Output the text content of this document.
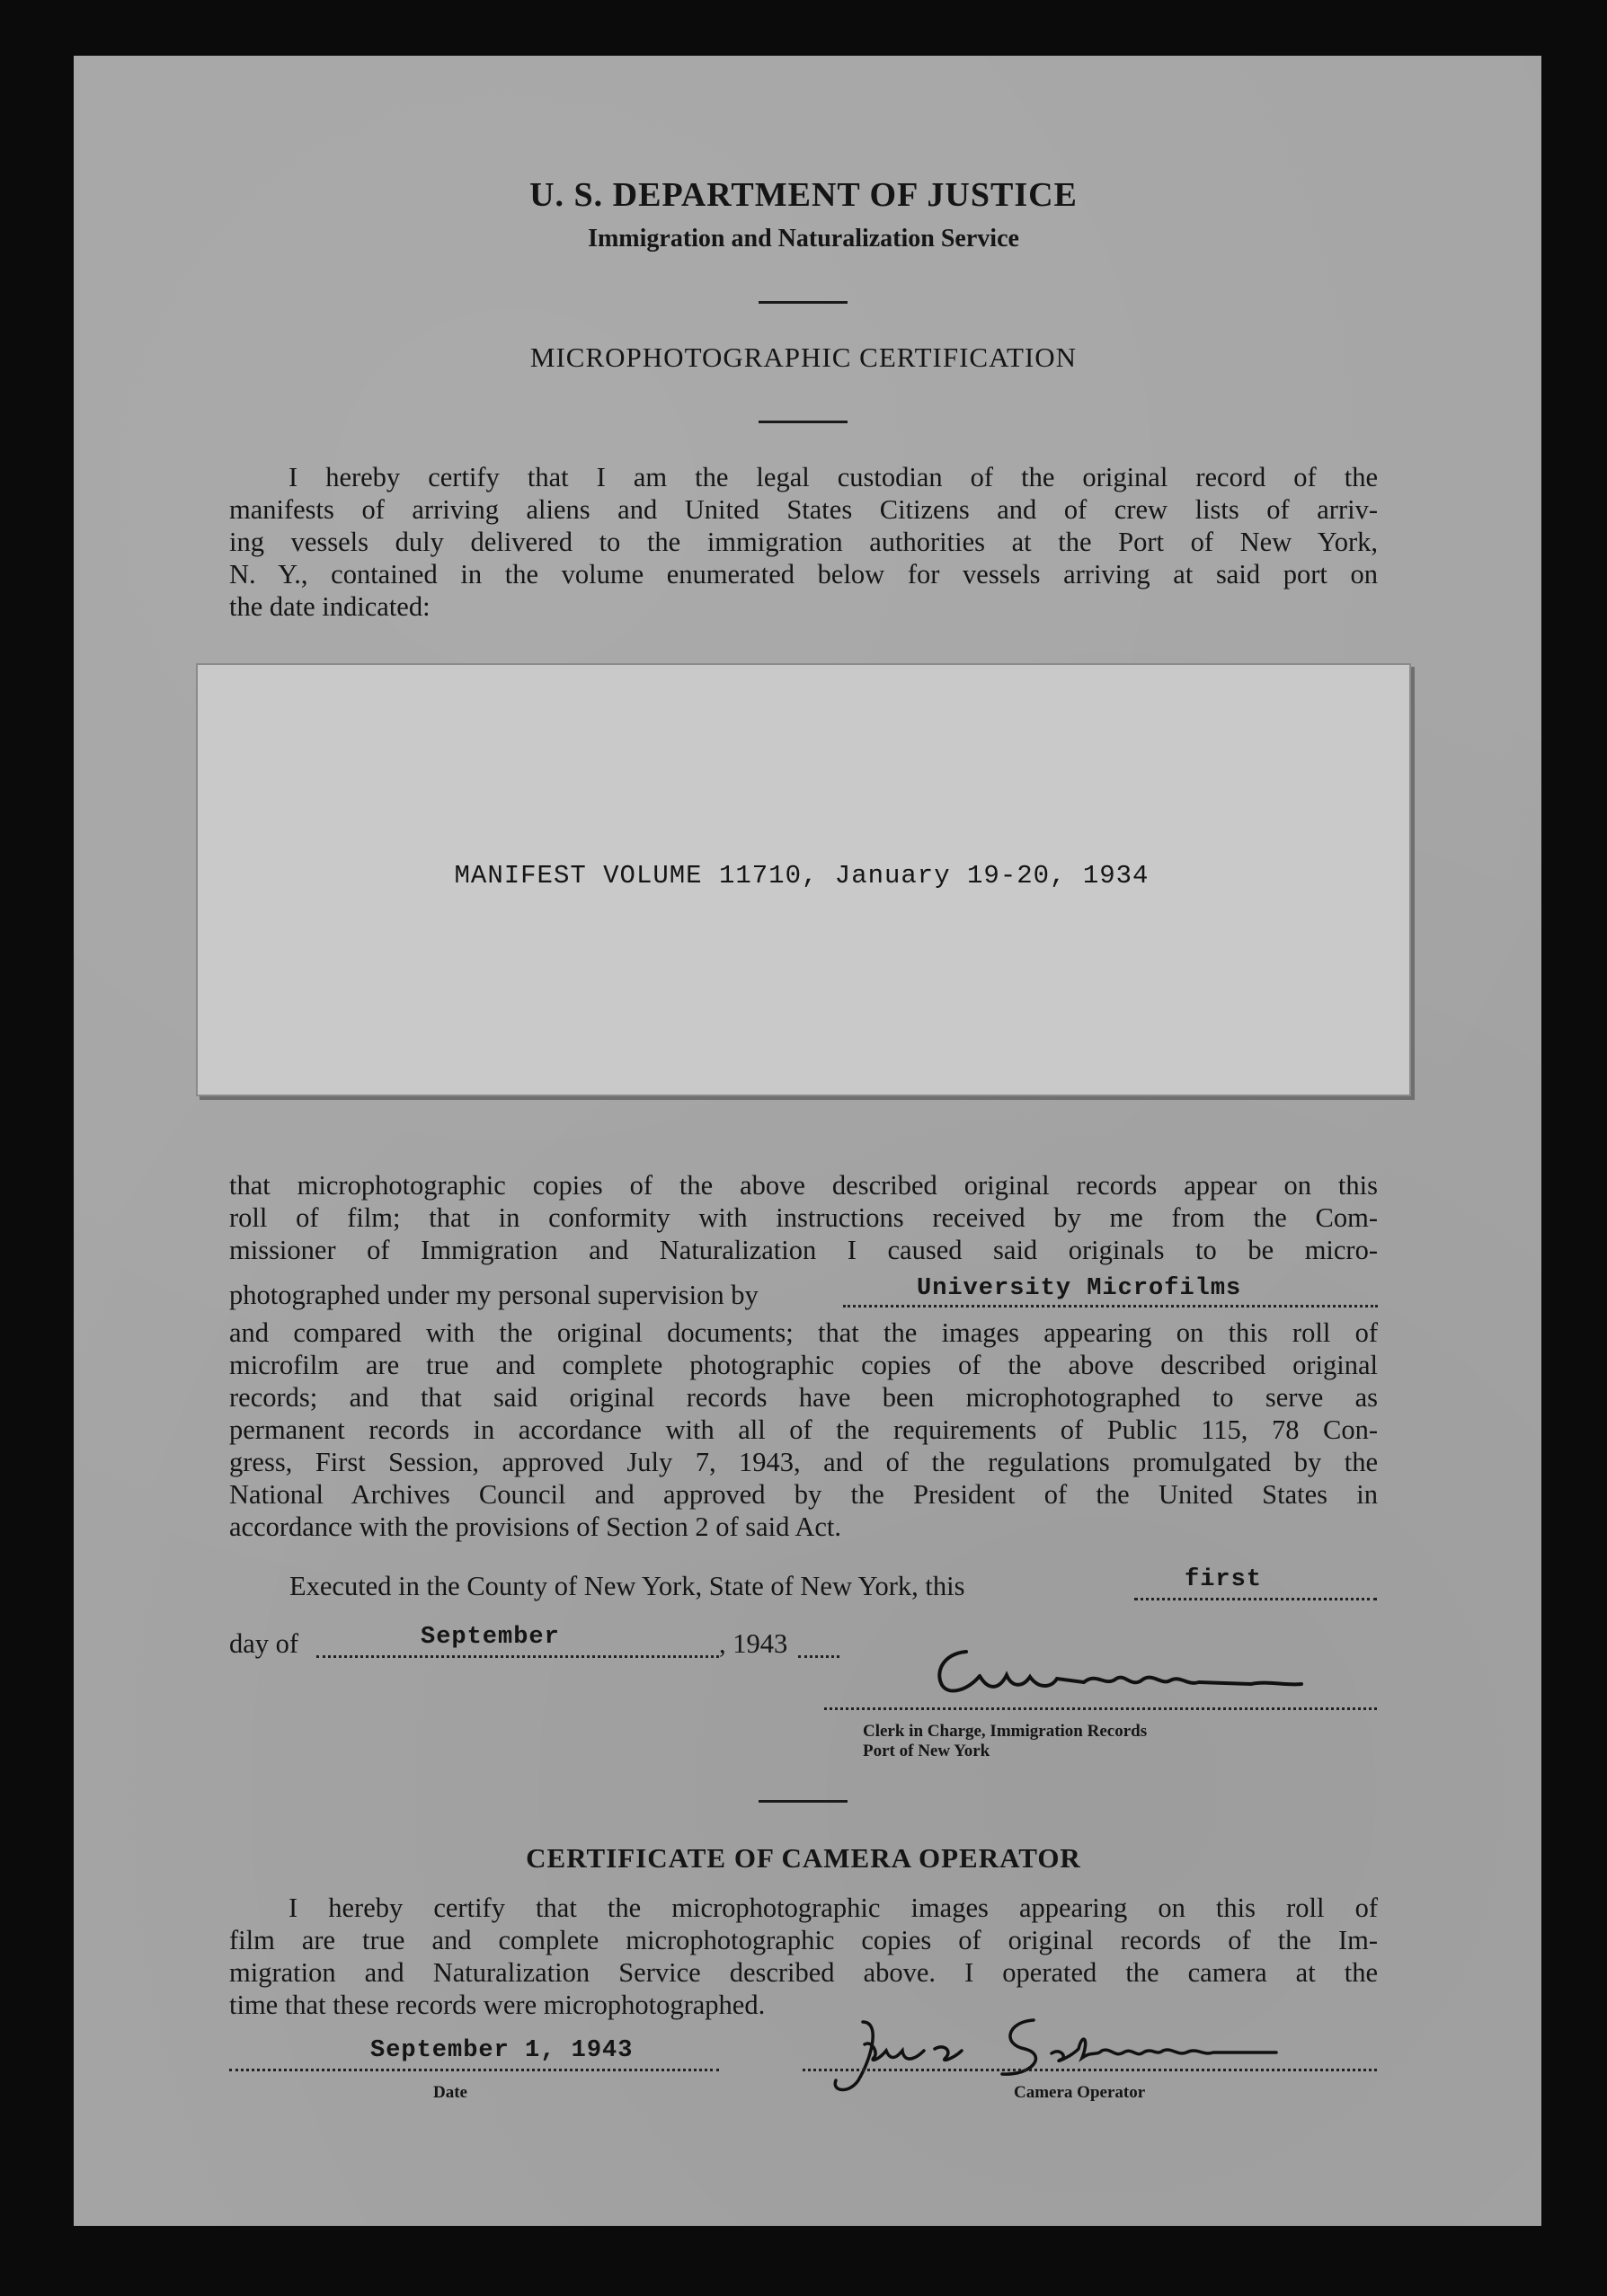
U. S. DEPARTMENT OF JUSTICE
Immigration and Naturalization Service
MICROPHOTOGRAPHIC CERTIFICATION
I hereby certify that I am the legal custodian of the original record of the
manifests of arriving aliens and United States Citizens and of crew lists of arriv-
ing vessels duly delivered to the immigration authorities at the Port of New York,
N. Y., contained in the volume enumerated below for vessels arriving at said port on
the date indicated:
MANIFEST VOLUME 11710, January 19-20, 1934
that microphotographic copies of the above described original records appear on this
roll of film; that in conformity with instructions received by me from the Com-
missioner of Immigration and Naturalization I caused said originals to be micro-
photographed under my personal supervision by	University Microfilms
and compared with the original documents; that the images appearing on this roll of
microfilm are true and complete photographic copies of the above described original
records; and that said original records have been microphotographed to serve as
permanent records in accordance with all of the requirements of Public 115, 78 Con-
gress, First Session, approved July 7, 1943, and of the regulations promulgated by the
National Archives Council and approved by the President of the United States in
accordance with the provisions of Section 2 of said Act.
Executed in the County of New York, State of New York, this	first
day of	September	, 1943
Clerk in Charge, Immigration Records
Port of New York
CERTIFICATE OF CAMERA OPERATOR
I hereby certify that the microphotographic images appearing on this roll of
film are true and complete microphotographic copies of original records of the Im-
migration and Naturalization Service described above. I operated the camera at the
time that these records were microphotographed.
September 1, 1943
Date	Camera Operator
